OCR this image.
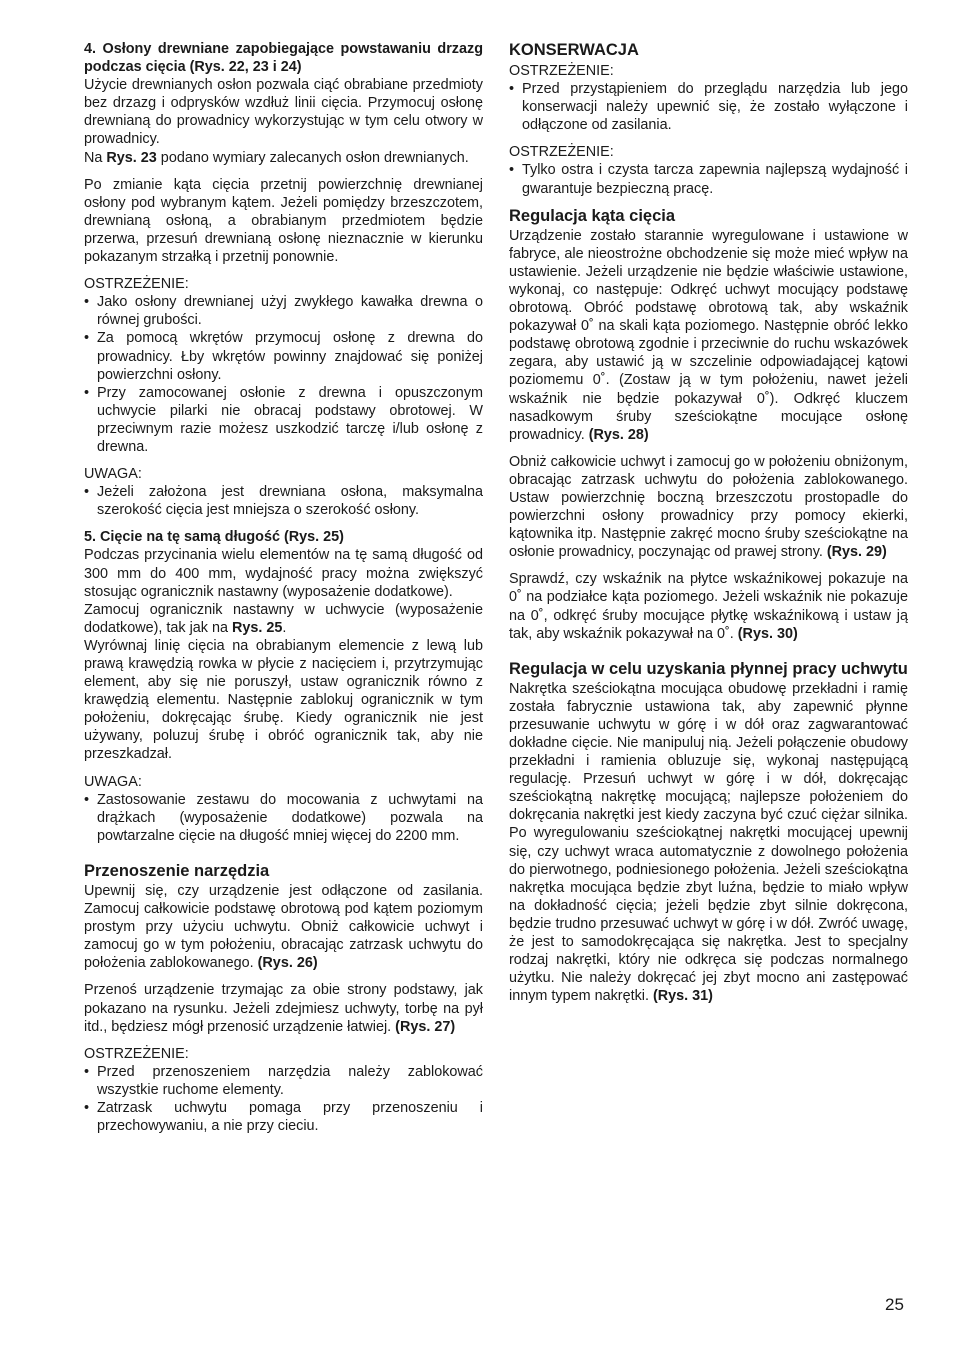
4. Osłony drewniane zapobiegające powstawaniu drzazg podczas cięcia (Rys. 22, 23 i 24)

Użycie drewnianych osłon pozwala ciąć obrabiane przedmioty bez drzazg i odprysków wzdłuż linii cięcia. Przymocuj osłonę drewnianą do prowadnicy wykorzystując w tym celu otwory w prowadnicy.

Na Rys. 23 podano wymiary zalecanych osłon drewnianych.

Po zmianie kąta cięcia przetnij powierzchnię drewnianej osłony pod wybranym kątem. Jeżeli pomiędzy brzeszczotem, drewnianą osłoną, a obrabianym przedmiotem będzie przerwa, przesuń drewnianą osłonę nieznacznie w kierunku pokazanym strzałką i przetnij ponownie.

OSTRZEŻENIE:

• Jako osłony drewnianej użyj zwykłego kawałka drewna o równej grubości.
• Za pomocą wkrętów przymocuj osłonę z drewna do prowadnicy. Łby wkrętów powinny znajdować się poniżej powierzchni osłony.
• Przy zamocowanej osłonie z drewna i opuszczonym uchwycie pilarki nie obracaj podstawy obrotowej. W przeciwnym razie możesz uszkodzić tarczę i/lub osłonę z drewna.

UWAGA:

• Jeżeli założona jest drewniana osłona, maksymalna szerokość cięcia jest mniejsza o szerokość osłony.

5. Cięcie na tę samą długość (Rys. 25)

Podczas przycinania wielu elementów na tę samą długość od 300 mm do 400 mm, wydajność pracy można zwiększyć stosując ogranicznik nastawny (wyposażenie dodatkowe).

Zamocuj ogranicznik nastawny w uchwycie (wyposażenie dodatkowe), tak jak na Rys. 25.

Wyrównaj linię cięcia na obrabianym elemencie z lewą lub prawą krawędzią rowka w płycie z nacięciem i, przytrzymując element, aby się nie poruszył, ustaw ogranicznik równo z krawędzią elementu. Następnie zablokuj ogranicznik w tym położeniu, dokręcając śrubę. Kiedy ogranicznik nie jest używany, poluzuj śrubę i obróć ogranicznik tak, aby nie przeszkadzał.

UWAGA:

• Zastosowanie zestawu do mocowania z uchwytami na drążkach (wyposażenie dodatkowe) pozwala na powtarzalne cięcie na długość mniej więcej do 2200 mm.

Przenoszenie narzędzia

Upewnij się, czy urządzenie jest odłączone od zasilania. Zamocuj całkowicie podstawę obrotową pod kątem poziomym prostym przy użyciu uchwytu. Obniż całkowicie uchwyt i zamocuj go w tym położeniu, obracając zatrzask uchwytu do położenia zablokowanego. (Rys. 26)

Przenoś urządzenie trzymając za obie strony podstawy, jak pokazano na rysunku. Jeżeli zdejmiesz uchwyty, torbę na pył itd., będziesz mógł przenosić urządzenie łatwiej. (Rys. 27)

OSTRZEŻENIE:

• Przed przenoszeniem narzędzia należy zablokować wszystkie ruchome elementy.
• Zatrzask uchwytu pomaga przy przenoszeniu i przechowywaniu, a nie przy cieciu.

KONSERWACJA

OSTRZEŻENIE:

• Przed przystąpieniem do przeglądu narzędzia lub jego konserwacji należy upewnić się, że zostało wyłączone i odłączone od zasilania.

OSTRZEŻENIE:

• Tylko ostra i czysta tarcza zapewnia najlepszą wydajność i gwarantuje bezpieczną pracę.

Regulacja kąta cięcia

Urządzenie zostało starannie wyregulowane i ustawione w fabryce, ale nieostrożne obchodzenie się może mieć wpływ na ustawienie. Jeżeli urządzenie nie będzie właściwie ustawione, wykonaj, co następuje: Odkręć uchwyt mocujący podstawę obrotową. Obróć podstawę obrotową tak, aby wskaźnik pokazywał 0˚ na skali kąta poziomego. Następnie obróć lekko podstawę obrotową zgodnie i przeciwnie do ruchu wskazówek zegara, aby ustawić ją w szczelinie odpowiadającej kątowi poziomemu 0˚. (Zostaw ją w tym położeniu, nawet jeżeli wskaźnik nie będzie pokazywał 0˚). Odkręć kluczem nasadkowym śruby sześciokątne mocujące osłonę prowadnicy. (Rys. 28)

Obniż całkowicie uchwyt i zamocuj go w położeniu obniżonym, obracając zatrzask uchwytu do położenia zablokowanego. Ustaw powierzchnię boczną brzeszczotu prostopadle do powierzchni osłony prowadnicy przy pomocy ekierki, kątownika itp. Następnie zakręć mocno śruby sześciokątne na osłonie prowadnicy, poczynając od prawej strony. (Rys. 29)

Sprawdź, czy wskaźnik na płytce wskaźnikowej pokazuje na 0˚ na podziałce kąta poziomego. Jeżeli wskaźnik nie pokazuje na 0˚, odkręć śruby mocujące płytkę wskaźnikową i ustaw ją tak, aby wskaźnik pokazywał na 0˚. (Rys. 30)

Regulacja w celu uzyskania płynnej pracy uchwytu

Nakrętka sześciokątna mocująca obudowę przekładni i ramię została fabrycznie ustawiona tak, aby zapewnić płynne przesuwanie uchwytu w górę i w dół oraz zagwarantować dokładne cięcie. Nie manipuluj nią. Jeżeli połączenie obudowy przekładni i ramienia obluzuje się, wykonaj następującą regulację. Przesuń uchwyt w górę i w dół, dokręcając sześciokątną nakrętkę mocującą; najlepsze położeniem do dokręcania nakrętki jest kiedy zaczyna być czuć ciężar silnika. Po wyregulowaniu sześciokątnej nakrętki mocującej upewnij się, czy uchwyt wraca automatycznie z dowolnego położenia do pierwotnego, podniesionego położenia. Jeżeli sześciokątna nakrętka mocująca będzie zbyt luźna, będzie to miało wpływ na dokładność cięcia; jeżeli będzie zbyt silnie dokręcona, będzie trudno przesuwać uchwyt w górę i w dół. Zwróć uwagę, że jest to samodokręcająca się nakrętka. Jest to specjalny rodzaj nakrętki, który nie odkręca się podczas normalnego użytku. Nie należy dokręcać jej zbyt mocno ani zastępować innym typem nakrętki. (Rys. 31)

25
